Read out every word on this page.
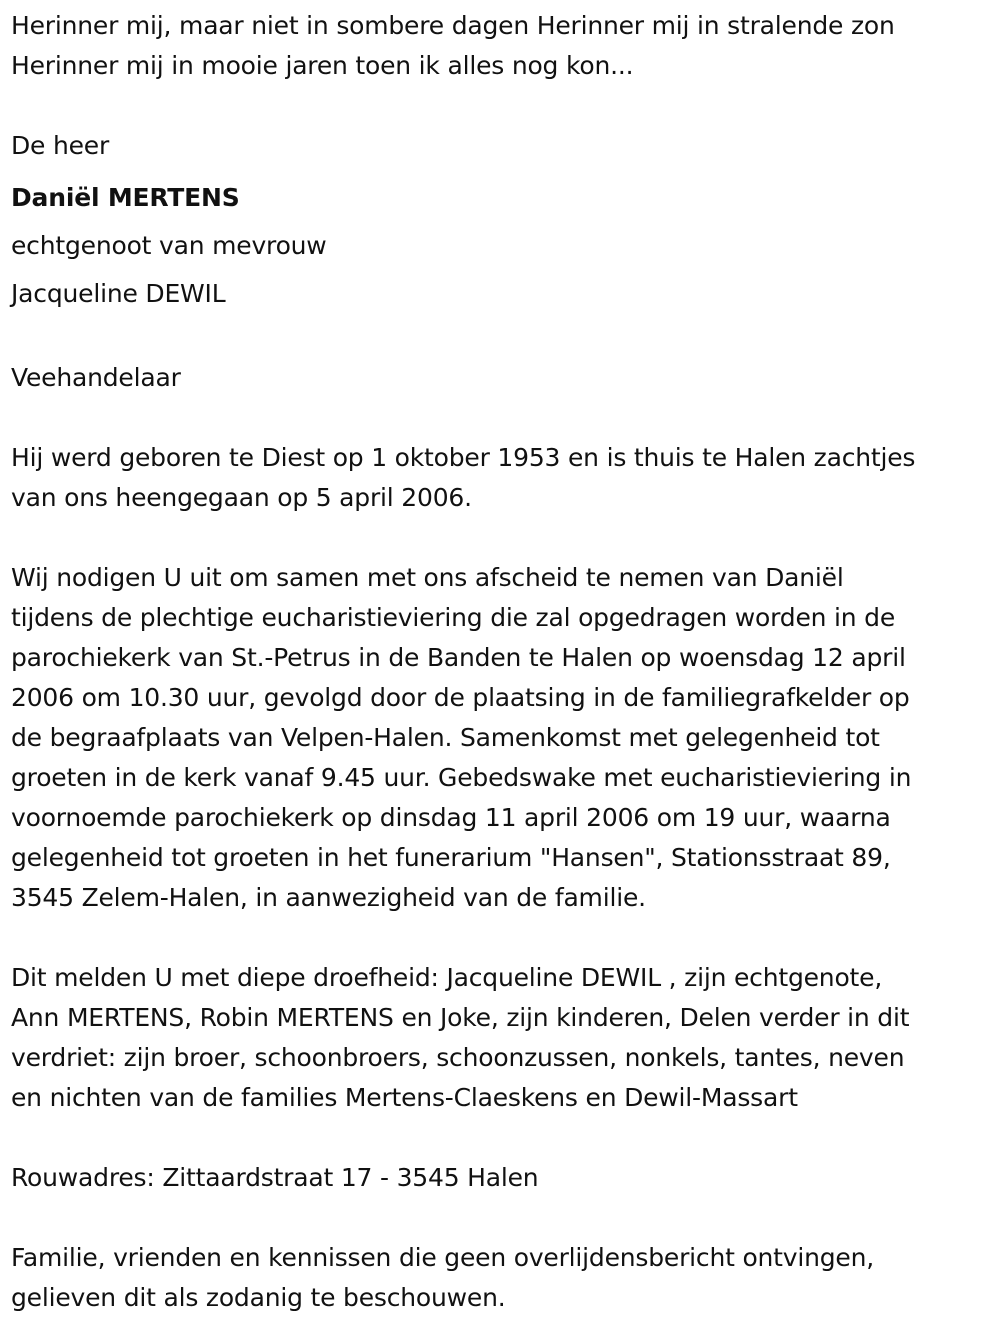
Herinner mij, maar niet in sombere dagen Herinner mij in stralende zon

Herinner mij in mooie jaren toen ik alles nog kon...

De heer

Daniël MERTENS

echtgenoot van mevrouw

Jacqueline DEWIL

Veehandelaar

Hij werd geboren te Diest op 1 oktober 1953 en is thuis te Halen zachtjes

van ons heengegaan op 5 april 2006.

Wij nodigen U uit om samen met ons afscheid te nemen van Daniël

tijdens de plechtige eucharistieviering die zal opgedragen worden in de

parochiekerk van St.-Petrus in de Banden te Halen op woensdag 12 april

2006 om 10.30 uur, gevolgd door de plaatsing in de familiegrafkelder op

de begraafplaats van Velpen-Halen. Samenkomst met gelegenheid tot

groeten in de kerk vanaf 9.45 uur. Gebedswake met eucharistieviering in

voornoemde parochiekerk op dinsdag 11 april 2006 om 19 uur, waarna

gelegenheid tot groeten in het funerarium "Hansen", Stationsstraat 89,

3545 Zelem-Halen, in aanwezigheid van de familie.

Dit melden U met diepe droefheid: Jacqueline DEWIL , zijn echtgenote,

Ann MERTENS, Robin MERTENS en Joke, zijn kinderen, Delen verder in dit

verdriet: zijn broer, schoonbroers, schoonzussen, nonkels, tantes, neven

en nichten van de families Mertens-Claeskens en Dewil-Massart

Rouwadres: Zittaardstraat 17 - 3545 Halen

Familie, vrienden en kennissen die geen overlijdensbericht ontvingen,

gelieven dit als zodanig te beschouwen.
